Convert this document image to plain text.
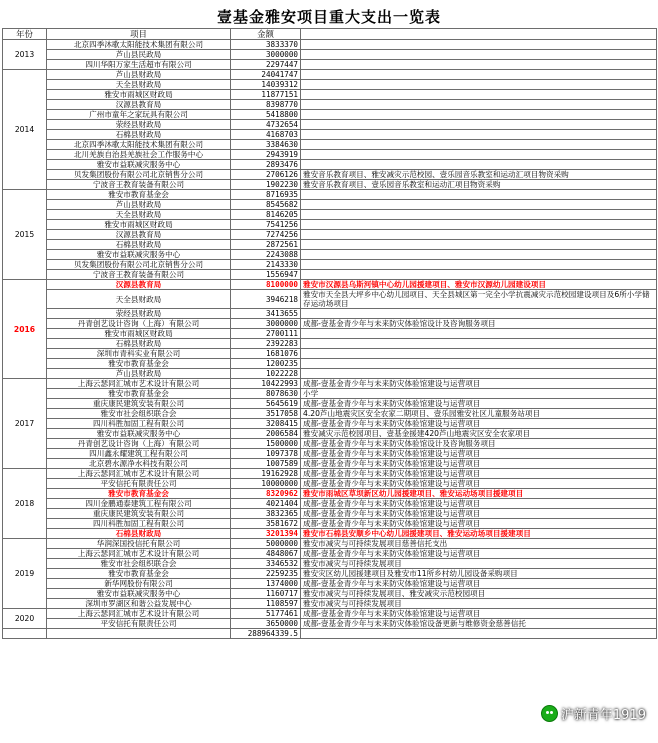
壹基金雅安项目重大支出一览表
年份	项目	金额	
2013	北京四季沐歌太阳能技术集团有限公司	3833370	
	芦山县民政局	3000000	
	四川华阳万家生活超市有限公司	2297447	
2014	芦山县财政局	24041747	
	天全县财政局	14039312	
	雅安市雨城区财政局	11877151	
	汉源县教育局	8398770	
	广州市童年之家玩具有限公司	5418800	
	荥经县财政局	4732654	
	石棉县财政局	4168703	
	北京四季沐歌太阳能技术集团有限公司	3384630	
	北川羌族自治县羌族社会工作服务中心	2943919	
	雅安市益联减灾服务中心	2893476	
	贝发集团股份有限公司北京销售分公司	2706126	雅安音乐教育项目、雅安减灾示范校园、壹乐园音乐教室和运动汇项目物资采购
	宁波音王教育装备有限公司	1902230	雅安音乐教育项目、壹乐园音乐教室和运动汇项目物资采购
2015	雅安市教育基金会	8716935	
	芦山县财政局	8545682	
	天全县财政局	8146205	
	雅安市雨城区财政局	7541256	
	汉源县教育局	7274256	
	石棉县财政局	2872561	
	雅安市益联减灾服务中心	2243088	
	贝发集团股份有限公司北京销售分公司	2143330	
	宁波音王教育装备有限公司	1556947	
2016	汉源县教育局	8100000	雅安市汉源县乌斯河镇中心幼儿园援建项目、雅安市汉源幼儿园建设项目
	天全县财政局	3946218	雅安市天全县大坪乡中心幼儿园项目、天全县城区第一完全小学抗震减灾示范校园建设项目及6所小学储存运动场项目
	荥经县财政局	3413655	
	丹青创艺设计咨询（上海）有限公司	3000000	成都-壹基金青少年与未来防灾体验馆设计及咨询服务项目
	雅安市雨城区财政局	2700111	
	石棉县财政局	2392283	
	深圳市青科实业有限公司	1681076	
	雅安市教育基金会	1200235	
	芦山县财政局	1022228	
2017	上海云瑟同汇城市艺术设计有限公司	10422993	成都-壹基金青少年与未来防灾体验馆建设与运营项目
	雅安市教育基金会	8078630	小学
	重庆康民建筑安装有限公司	5645619	成都-壹基金青少年与未来防灾体验馆建设与运营项目
	雅安市社会组织联合会	3517058	4.20芦山地震灾区安全农家二期项目、壹乐园雅安社区儿童服务站项目
	四川科胜加固工程有限公司	3208415	成都-壹基金青少年与未来防灾体验馆建设与运营项目
	雅安市益联减灾服务中心	2006584	雅安减灾示范校园项目、壹基金援建420芦山地震灾区安全农家项目
	丹青创艺设计咨询（上海）有限公司	1500000	成都-壹基金青少年与未来防灾体验馆设计及咨询服务项目
	四川鑫永耀建筑工程有限公司	1097378	成都-壹基金青少年与未来防灾体验馆建设与运营项目
	北京碧水源净水科技有限公司	1007589	成都-壹基金青少年与未来防灾体验馆建设与运营项目
2018	上海云瑟同汇城市艺术设计有限公司	19162928	成都-壹基金青少年与未来防灾体验馆建设与运营项目
	平安信托有限责任公司	10000000	成都-壹基金青少年与未来防灾体验馆建设与运营项目
	雅安市教育基金会	8320962	雅安市雨城区草坝新区幼儿园援建项目、雅安运动场项目援建项目
	四川金鹏通泰建筑工程有限公司	4021404	成都-壹基金青少年与未来防灾体验馆建设与运营项目
	重庆康民建筑安装有限公司	3832365	成都-壹基金青少年与未来防灾体验馆建设与运营项目
	四川科胜加固工程有限公司	3581672	成都-壹基金青少年与未来防灾体验馆建设与运营项目
	石棉县财政局	3201394	雅安市石棉县安顺乡中心幼儿园援建项目、雅安运动场项目援建项目
2019	华润深国投信托有限公司	5000000	雅安市减灾与可持续发展项目慈善信托支出
	上海云瑟同汇城市艺术设计有限公司	4848067	成都-壹基金青少年与未来防灾体验馆建设与运营项目
	雅安市社会组织联合会	3346532	雅安市减灾与可持续发展项目
	雅安市教育基金会	2259235	雅安灾区幼儿园援建项目及雅安市11所乡村幼儿园设备采购项目
	新华网股份有限公司	1374000	成都-壹基金青少年与未来防灾体验馆建设与运营项目
	雅安市益联减灾服务中心	1160717	雅安市减灾与可持续发展项目、雅安减灾示范校园项目
	深圳市罗湖区和谐公益发展中心	1108597	雅安市减灾与可持续发展项目
2020	上海云瑟同汇城市艺术设计有限公司	5177461	成都-壹基金青少年与未来防灾体验馆建设与运营项目
	平安信托有限责任公司	3650000	成都-壹基金青少年与未来防灾体验馆设备更新与维修资金慈善信托
		288964339.5	
沪新青年1919
